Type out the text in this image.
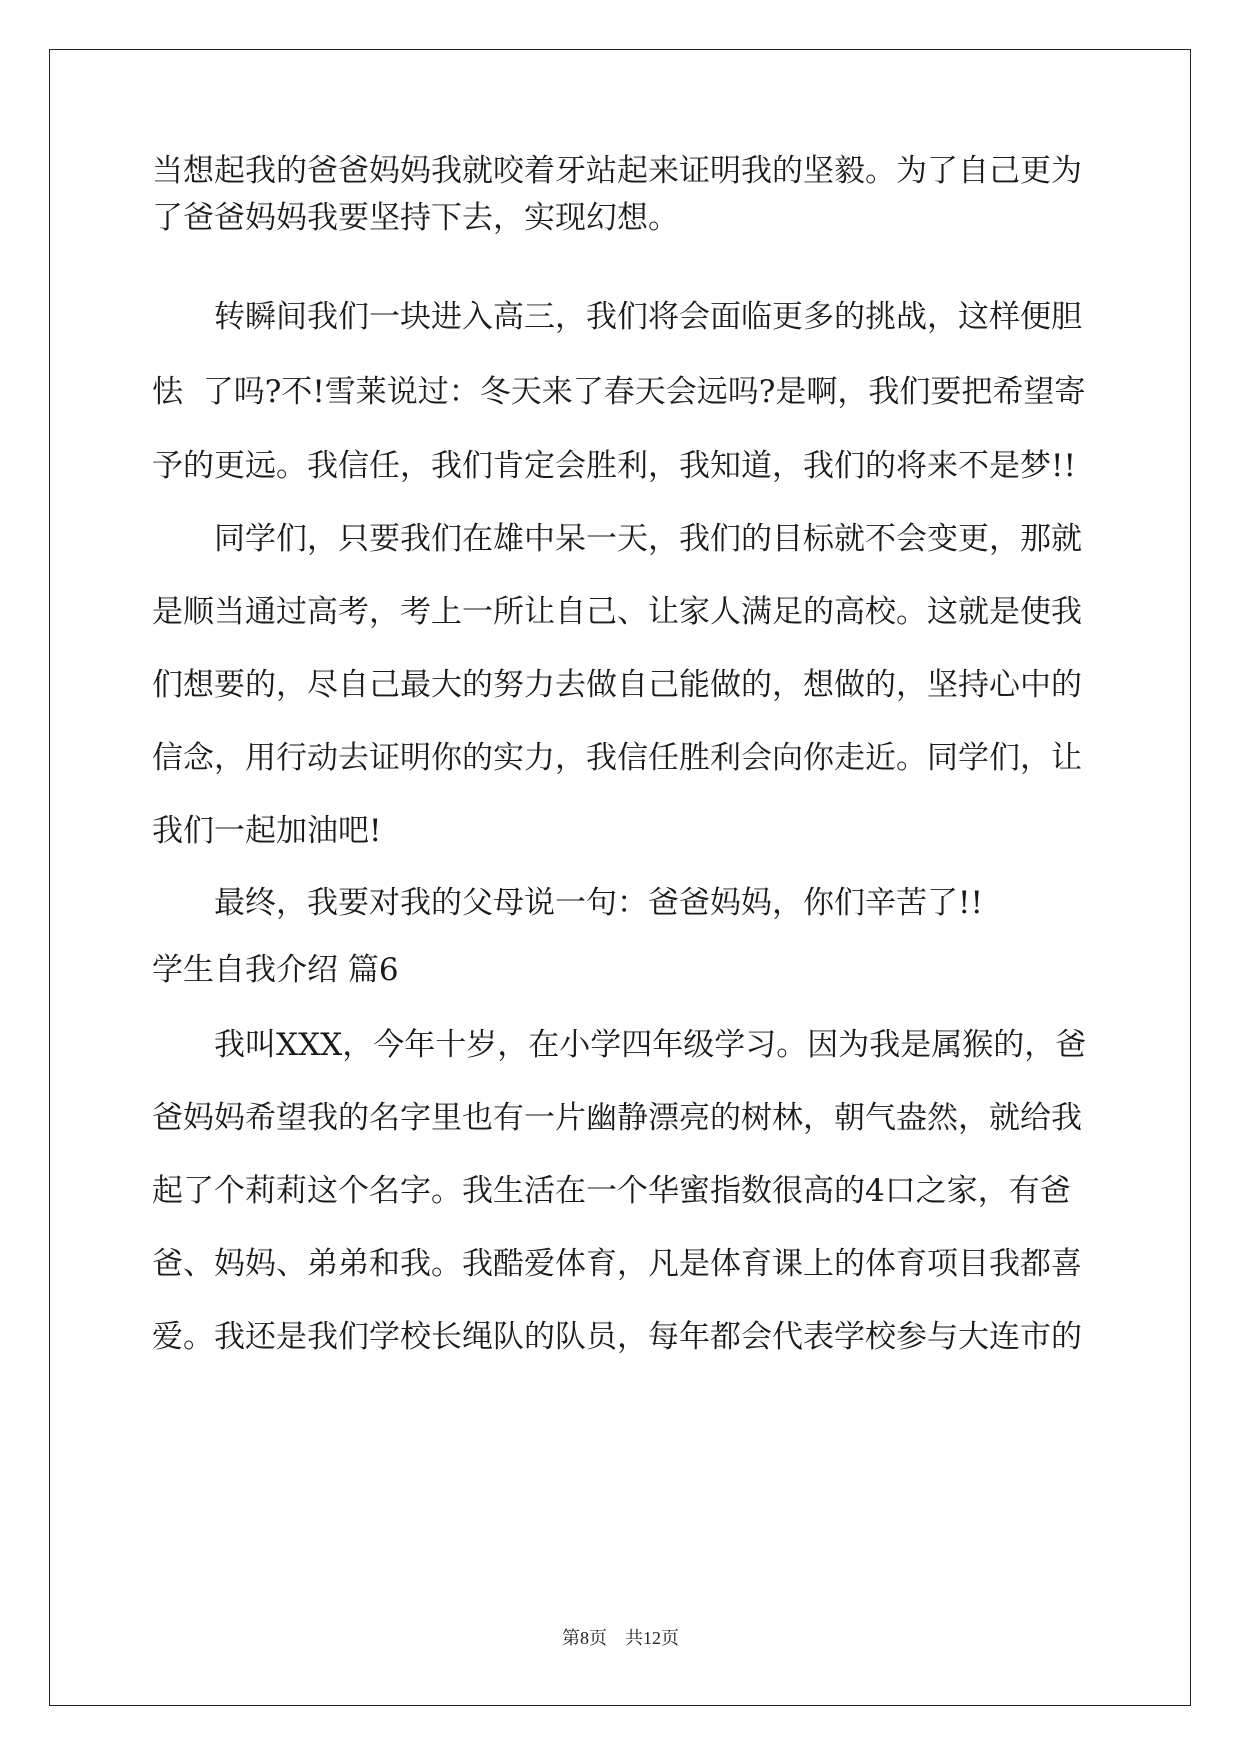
当想起我的爸爸妈妈我就咬着牙站起来证明我的坚毅。为了自己更为

了爸爸妈妈我要坚持下去，实现幻想。

转瞬间我们一块进入高三，我们将会面临更多的挑战，这样便胆

怯  了吗?不!雪莱说过：冬天来了春天会远吗?是啊，我们要把希望寄

予的更远。我信任，我们肯定会胜利，我知道，我们的将来不是梦!!

同学们，只要我们在雄中呆一天，我们的目标就不会变更，那就

是顺当通过高考，考上一所让自己、让家人满足的高校。这就是使我

们想要的，尽自己最大的努力去做自己能做的，想做的，坚持心中的

信念，用行动去证明你的实力，我信任胜利会向你走近。同学们，让

我们一起加油吧!

最终，我要对我的父母说一句：爸爸妈妈，你们辛苦了!!

学生自我介绍 篇6

我叫XXX，今年十岁，在小学四年级学习。因为我是属猴的，爸

爸妈妈希望我的名字里也有一片幽静漂亮的树林，朝气盎然，就给我

起了个莉莉这个名字。我生活在一个华蜜指数很高的4口之家，有爸

爸、妈妈、弟弟和我。我酷爱体育，凡是体育课上的体育项目我都喜

爱。我还是我们学校长绳队的队员，每年都会代表学校参与大连市的

第8页    共12页
